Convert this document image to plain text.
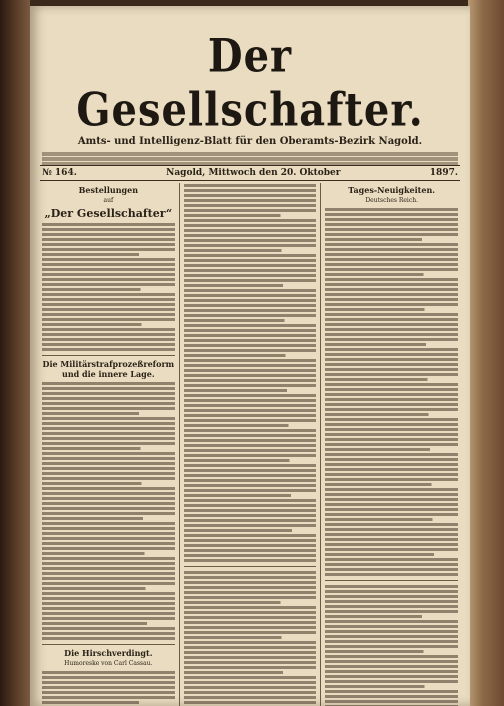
Der Gesellschafter.
Amts- und Intelligenz-Blatt für den Oberamts-Bezirk Nagold.
№ 164.	Nagold, Mittwoch den 20. Oktober	1897.
Bestellungen
auf
„Der Gesellschafter“
Die Militärstrafprozeßreform und die innere Lage.
Die Hirschverdingt.
Humoreske von Carl Cassau.
Tages-Neuigkeiten.
Deutsches Reich.
